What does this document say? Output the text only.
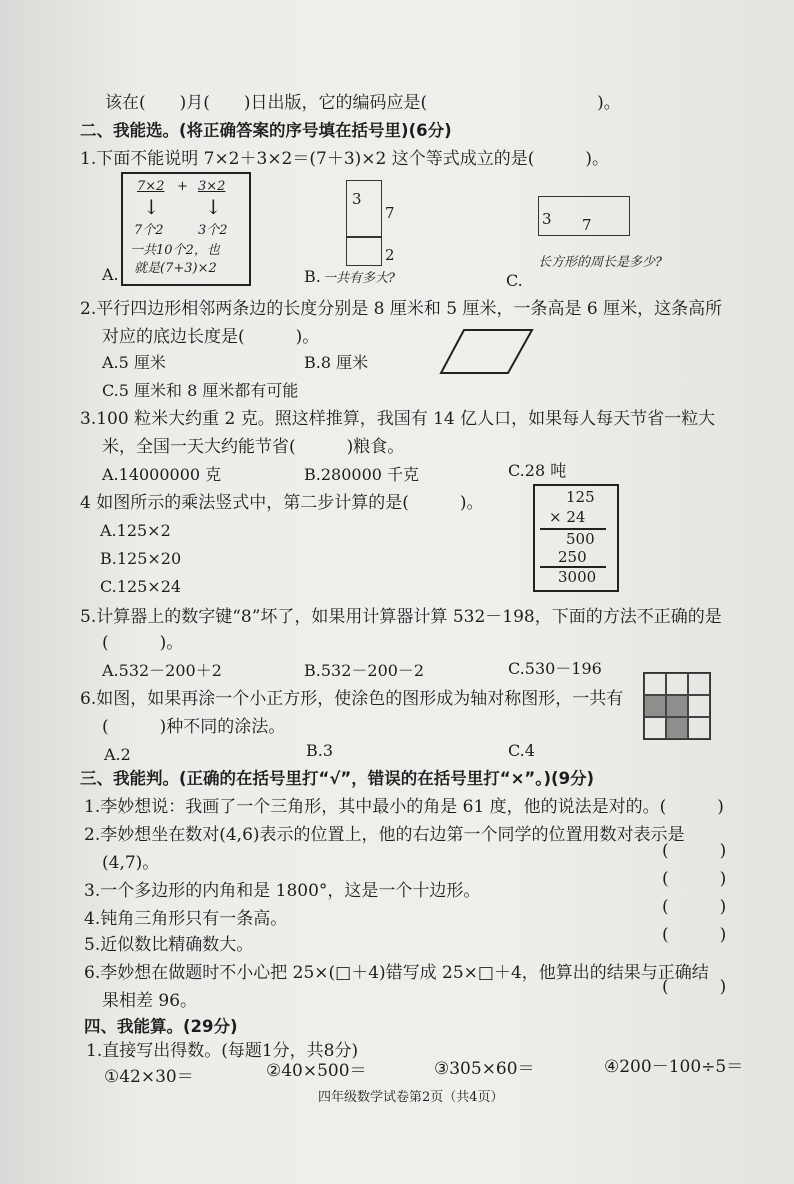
该在(　　)月(　　)日出版，它的编码应是(　　　　　　　　　　)。
二、我能选。(将正确答案的序号填在括号里)(6分)
1.下面不能说明 7×2＋3×2＝(7＋3)×2 这个等式成立的是(　　　)。
7×2 + 3×2
↓ ↓
7个2	3个2
一共10个2，也
就是(7+3)×2
A.
3
7
2
B. 一共有多大?
3 7
长方形的周长是多少?
C.
2.平行四边形相邻两条边的长度分别是 8 厘米和 5 厘米，一条高是 6 厘米，这条高所
对应的底边长度是(　　　)。
A.5 厘米	B.8 厘米
C.5 厘米和 8 厘米都有可能
3.100 粒米大约重 2 克。照这样推算，我国有 14 亿人口，如果每人每天节省一粒大
米，全国一天大约能节省(　　　)粮食。
A.14000000 克	B.280000 千克	C.28 吨
4 如图所示的乘法竖式中，第二步计算的是(　　　)。
A.125×2
B.125×20
C.125×24
125
× 24
500
250
3000
5.计算器上的数字键“8”坏了，如果用计算器计算 532－198，下面的方法不正确的是
(　　　)。
A.532－200＋2	B.532－200－2	C.530－196
6.如图，如果再涂一个小正方形，使涂色的图形成为轴对称图形，一共有
(　　　)种不同的涂法。
A.2	B.3	C.4
三、我能判。(正确的在括号里打“√”，错误的在括号里打“×”。)(9分)
1.李妙想说：我画了一个三角形，其中最小的角是 61 度，他的说法是对的。(　　　)
2.李妙想坐在数对(4,6)表示的位置上，他的右边第一个同学的位置用数对表示是
(4,7)。
(　　　)
3.一个多边形的内角和是 1800°，这是一个十边形。
(　　　)
4.钝角三角形只有一条高。
(　　　)
5.近似数比精确数大。	(　　　)
6.李妙想在做题时不小心把 25×(□＋4)错写成 25×□＋4，他算出的结果与正确结
果相差 96。
(　　　)
四、我能算。(29分)
1.直接写出得数。(每题1分，共8分)
①42×30＝	②40×500＝	③305×60＝	④200－100÷5＝
四年级数学试卷第2页（共4页）
